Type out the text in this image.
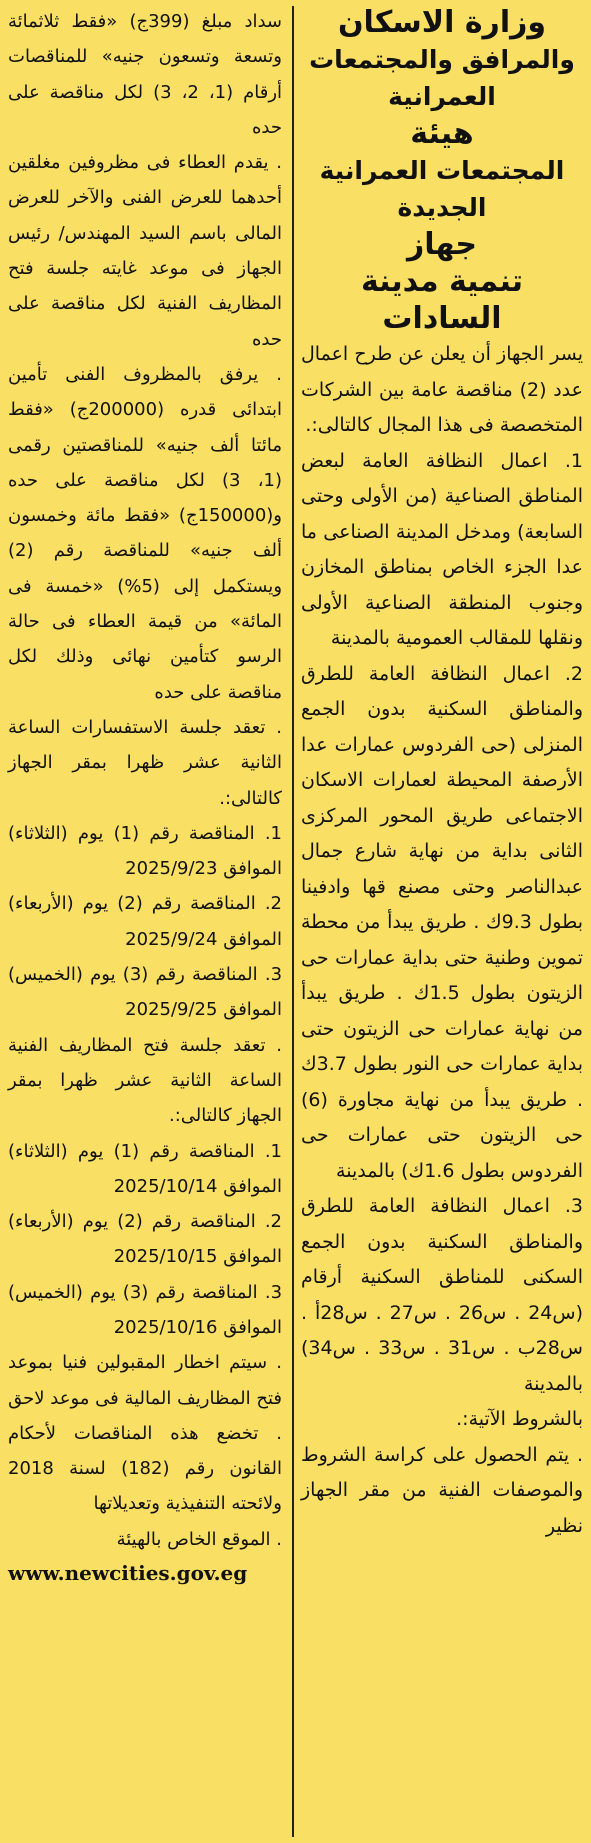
وزارة الاسكان
والمرافق والمجتمعات العمرانية
هيئة
المجتمعات العمرانية الجديدة
جهاز
تنمية مدينة السادات

يسر الجهاز أن يعلن عن طرح اعمال عدد (2) مناقصة عامة بين الشركات المتخصصة فى هذا المجال كالتالى:.

1. اعمال النظافة العامة لبعض المناطق الصناعية (من الأولى وحتى السابعة) ومدخل المدينة الصناعى ما عدا الجزء الخاص بمناطق المخازن وجنوب المنطقة الصناعية الأولى ونقلها للمقالب العمومية بالمدينة

2. اعمال النظافة العامة للطرق والمناطق السكنية بدون الجمع المنزلى (حى الفردوس عمارات عدا الأرصفة المحيطة لعمارات الاسكان الاجتماعى طريق المحور المركزى الثانى بداية من نهاية شارع جمال عبدالناصر وحتى مصنع قها وادفينا بطول 9.3ك . طريق يبدأ من محطة تموين وطنية حتى بداية عمارات حى الزيتون بطول 1.5ك . طريق يبدأ من نهاية عمارات حى الزيتون حتى بداية عمارات حى النور بطول 3.7ك . طريق يبدأ من نهاية مجاورة (6) حى الزيتون حتى عمارات حى الفردوس بطول 1.6ك) بالمدينة

3. اعمال النظافة العامة للطرق والمناطق السكنية بدون الجمع السكنى للمناطق السكنية أرقام (س24 . س26 . س27 . س28أ . س28ب . س31 . س33 . س34) بالمدينة

بالشروط الآتية:.

. يتم الحصول على كراسة الشروط والموصفات الفنية من مقر الجهاز نظير

سداد مبلغ (399ج) «فقط ثلاثمائة وتسعة وتسعون جنيه» للمناقصات أرقام (1، 2، 3) لكل مناقصة على حده

. يقدم العطاء فى مظروفين مغلقين أحدهما للعرض الفنى والآخر للعرض المالى باسم السيد المهندس/ رئيس الجهاز فى موعد غايته جلسة فتح المظاريف الفنية لكل مناقصة على حده

. يرفق بالمظروف الفنى تأمين ابتدائى قدره (200000ج) «فقط مائتا ألف جنيه» للمناقصتين رقمى (1، 3) لكل مناقصة على حده و(150000ج) «فقط مائة وخمسون ألف جنيه» للمناقصة رقم (2) ويستكمل إلى (5%) «خمسة فى المائة» من قيمة العطاء فى حالة الرسو كتأمين نهائى وذلك لكل مناقصة على حده

. تعقد جلسة الاستفسارات الساعة الثانية عشر ظهرا بمقر الجهاز كالتالى:.

1. المناقصة رقم (1) يوم (الثلاثاء) الموافق 2025/9/23

2. المناقصة رقم (2) يوم (الأربعاء) الموافق 2025/9/24

3. المناقصة رقم (3) يوم (الخميس) الموافق 2025/9/25

. تعقد جلسة فتح المظاريف الفنية الساعة الثانية عشر ظهرا بمقر الجهاز كالتالى:.

1. المناقصة رقم (1) يوم (الثلاثاء) الموافق 2025/10/14

2. المناقصة رقم (2) يوم (الأربعاء) الموافق 2025/10/15

3. المناقصة رقم (3) يوم (الخميس) الموافق 2025/10/16

. سيتم اخطار المقبولين فنيا بموعد فتح المظاريف المالية فى موعد لاحق

. تخضع هذه المناقصات لأحكام القانون رقم (182) لسنة 2018 ولائحته التنفيذية وتعديلاتها

. الموقع الخاص بالهيئة

www.newcities.gov.eg
